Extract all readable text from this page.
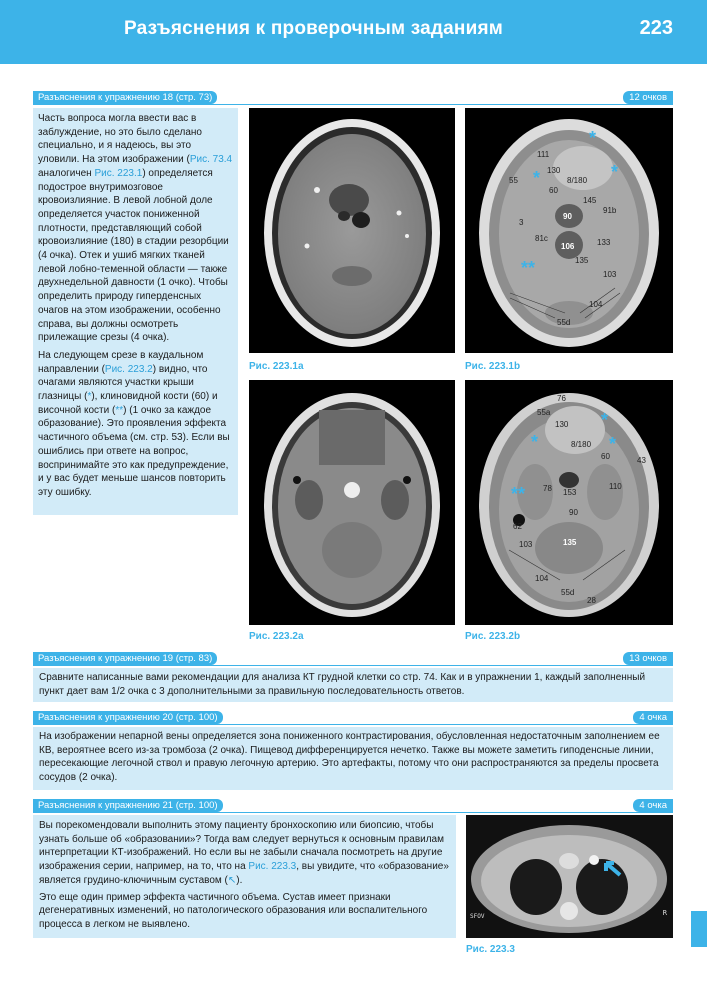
Разъяснения к проверочным заданиям	223
Разъяснения к упражнению 18 (стр. 73)	12 очков

Часть вопроса могла ввести вас в заблуждение, но это было сделано специально, и я надеюсь, вы это уловили. На этом изображении (Рис. 73.4 аналогичен Рис. 223.1) определяется подострое внутримозговое кровоизлияние. В левой лобной доле определяется участок пониженной плотности, представляющий собой кровоизлияние (180) в стадии резорбции (4 очка). Отек и ушиб мягких тканей левой лобно-теменной области — также двухнедельной давности (1 очко). Чтобы определить природу гиперденсных очагов на этом изображении, особенно справа, вы должны осмотреть прилежащие срезы (4 очка).

На следующем срезе в каудальном направлении (Рис. 223.2) видно, что очагами являются участки крыши глазницы (*), клиновидной кости (60) и височной кости (**) (1 очко за каждое образование). Это проявления эффекта частичного объема (см. стр. 53). Если вы ошиблись при ответе на вопрос, воспринимайте это как предупреждение, и у вас будет меньше шансов повторить эту ошибку.

Рис. 223.1a
111
55
130
60
8/180
145
91b
3
90
81c	133
106
135
103
104
55d
*
*	*
**
Рис. 223.1b
Рис. 223.2a
76
55a
130
8/180
60	43
78 153
110
90
62
103	135
104
55d
28
*
*
*
**
Рис. 223.2b
Разъяснения к упражнению 19 (стр. 83)	13 очков

Сравните написанные вами рекомендации для анализа КТ грудной клетки со стр. 74. Как и в упражнении 1, каждый заполненный пункт дает вам 1/2 очка с 3 дополнительными за правильную последовательность ответов.

Разъяснения к упражнению 20 (стр. 100)	4 очка

На изображении непарной вены определяется зона пониженного контрастирования, обусловленная недостаточным заполнением ее КВ, вероятнее всего из-за тромбоза (2 очка). Пищевод дифференцируется нечетко. Также вы можете заметить гиподенсные линии, пересекающие легочной ствол и правую легочную артерию. Это артефакты, потому что они распространяются за пределы просвета сосудов (2 очка).

Разъяснения к упражнению 21 (стр. 100)	4 очка

Вы порекомендовали выполнить этому пациенту бронхоскопию или биопсию, чтобы узнать больше об «образовании»? Тогда вам следует вернуться к основным правилам интерпретации КТ-изображений. Но если вы не забыли сначала посмотреть на другие изображения серии, например, на то, что на Рис. 223.3, вы увидите, что «образование» является грудино-ключичным суставом (↖).

Это еще один пример эффекта частичного объема. Сустав имеет признаки дегенеративных изменений, но патологического образования или воспалительного процесса в легком не выявлено.

SFOV	R
Рис. 223.3
